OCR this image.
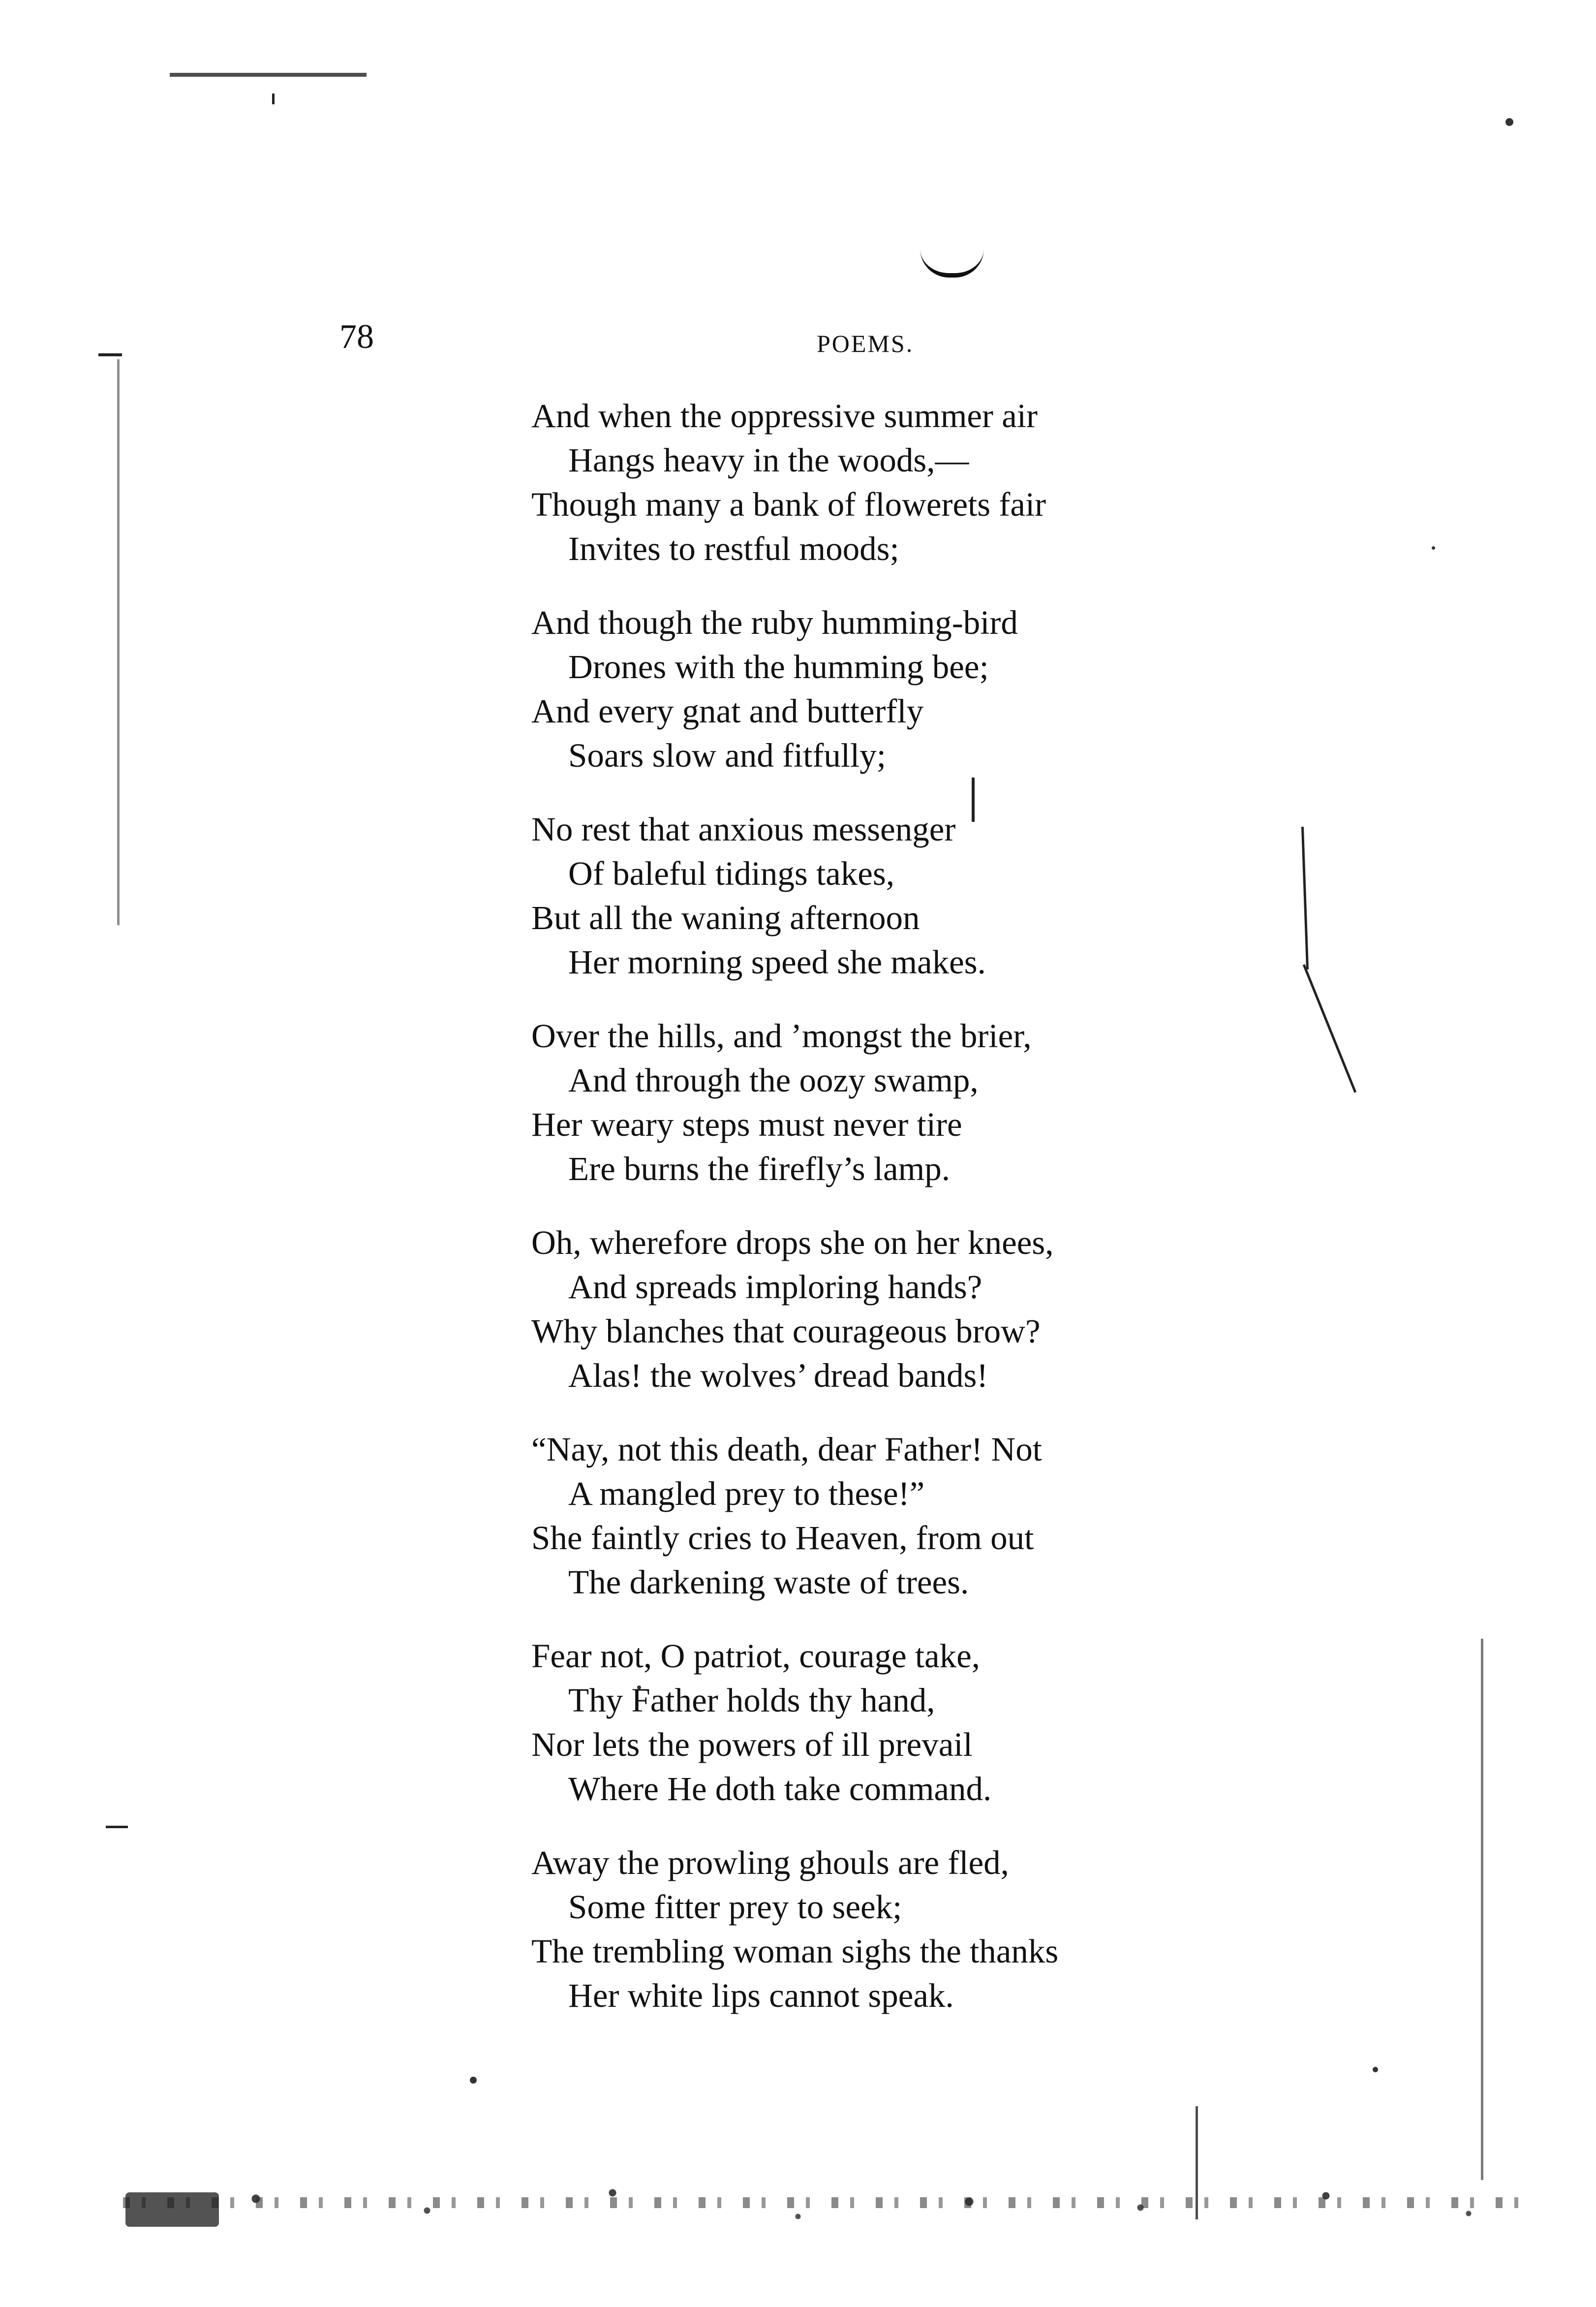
78	POEMS.
And when the oppressive summer air
Hangs heavy in the woods,—
Though many a bank of flowerets fair
Invites to restful moods;
And though the ruby humming-bird
Drones with the humming bee;
And every gnat and butterfly
Soars slow and fitfully;
No rest that anxious messenger
Of baleful tidings takes,
But all the waning afternoon
Her morning speed she makes.
Over the hills, and ’mongst the brier,
And through the oozy swamp,
Her weary steps must never tire
Ere burns the firefly’s lamp.
Oh, wherefore drops she on her knees,
And spreads imploring hands?
Why blanches that courageous brow?
Alas! the wolves’ dread bands!
“Nay, not this death, dear Father! Not
A mangled prey to these!”
She faintly cries to Heaven, from out
The darkening waste of trees.
Fear not, O patriot, courage take,
Thy Father holds thy hand,
Nor lets the powers of ill prevail
Where He doth take command.
Away the prowling ghouls are fled,
Some fitter prey to seek;
The trembling woman sighs the thanks
Her white lips cannot speak.
